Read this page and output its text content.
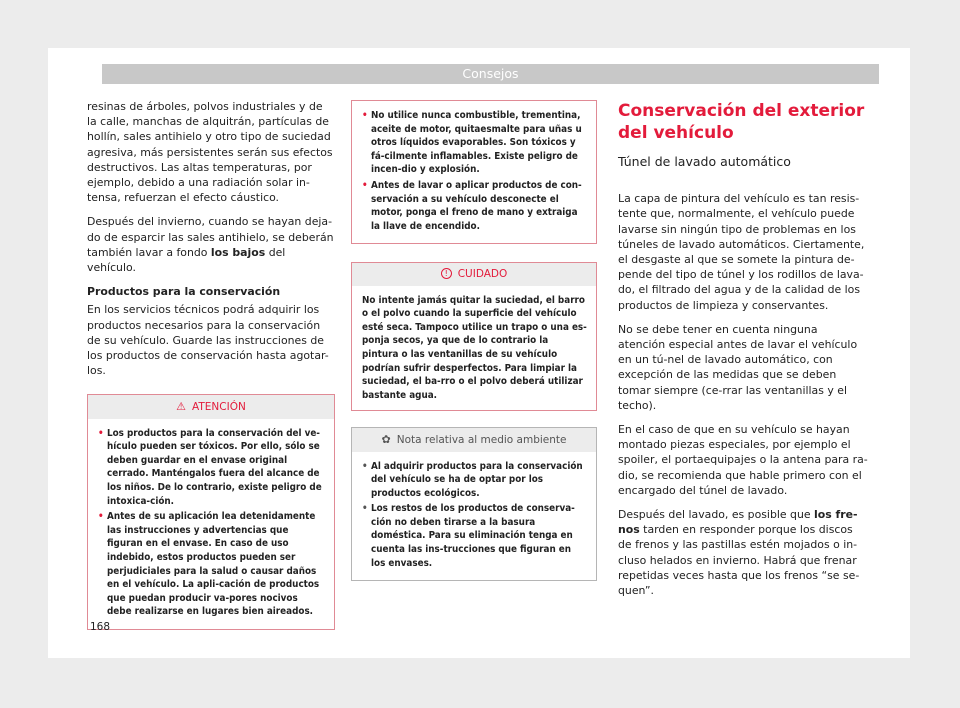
Consejos

resinas de árboles, polvos industriales y de la calle, manchas de alquitrán, partículas de hollín, sales antihielo y otro tipo de suciedad agresiva, más persistentes serán sus efectos destructivos. Las altas temperaturas, por ejemplo, debido a una radiación solar in-tensa, refuerzan el efecto cáustico.

Después del invierno, cuando se hayan deja-do de esparcir las sales antihielo, se deberán también lavar a fondo los bajos del vehículo.

Productos para la conservación

En los servicios técnicos podrá adquirir los productos necesarios para la conservación de su vehículo. Guarde las instrucciones de los productos de conservación hasta agotar-los.

⚠ ATENCIÓN
• Los productos para la conservación del ve-hículo pueden ser tóxicos. Por ello, sólo se deben guardar en el envase original cerrado. Manténgalos fuera del alcance de los niños. De lo contrario, existe peligro de intoxica-ción.
• Antes de su aplicación lea detenidamente las instrucciones y advertencias que figuran en el envase. En caso de uso indebido, estos productos pueden ser perjudiciales para la salud o causar daños en el vehículo. La apli-cación de productos que puedan producir va-pores nocivos debe realizarse en lugares bien aireados.
• No utilice nunca combustible, trementina, aceite de motor, quitaesmalte para uñas u otros líquidos evaporables. Son tóxicos y fá-cilmente inflamables. Existe peligro de incen-dio y explosión.
• Antes de lavar o aplicar productos de con-servación a su vehículo desconecte el motor, ponga el freno de mano y extraiga la llave de encendido.
! CUIDADO
No intente jamás quitar la suciedad, el barro o el polvo cuando la superficie del vehículo esté seca. Tampoco utilice un trapo o una es-ponja secos, ya que de lo contrario la pintura o las ventanillas de su vehículo podrían sufrir desperfectos. Para limpiar la suciedad, el ba-rro o el polvo deberá utilizar bastante agua.
✿ Nota relativa al medio ambiente
• Al adquirir productos para la conservación del vehículo se ha de optar por los productos ecológicos.
• Los restos de los productos de conserva-ción no deben tirarse a la basura doméstica. Para su eliminación tenga en cuenta las ins-trucciones que figuran en los envases.
Conservación del exterior del vehículo
Túnel de lavado automático

La capa de pintura del vehículo es tan resis-tente que, normalmente, el vehículo puede lavarse sin ningún tipo de problemas en los túneles de lavado automáticos. Ciertamente, el desgaste al que se somete la pintura de-pende del tipo de túnel y los rodillos de lava-do, el filtrado del agua y de la calidad de los productos de limpieza y conservantes.

No se debe tener en cuenta ninguna atención especial antes de lavar el vehículo en un tú-nel de lavado automático, con excepción de las medidas que se deben tomar siempre (ce-rrar las ventanillas y el techo).

En el caso de que en su vehículo se hayan montado piezas especiales, por ejemplo el spoiler, el portaequipajes o la antena para ra-dio, se recomienda que hable primero con el encargado del túnel de lavado.

Después del lavado, es posible que los fre-nos tarden en responder porque los discos de frenos y las pastillas estén mojados o in-cluso helados en invierno. Habrá que frenar repetidas veces hasta que los frenos “se se-quen”.

168
